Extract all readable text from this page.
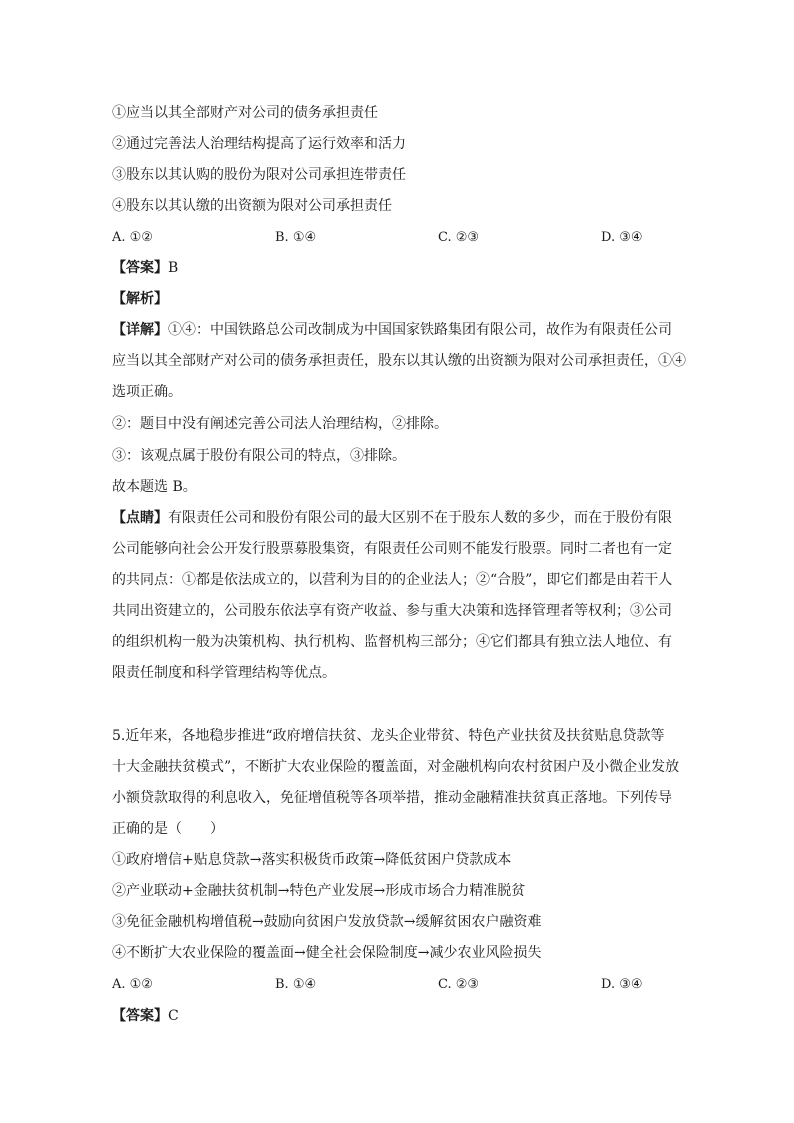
①应当以其全部财产对公司的债务承担责任
②通过完善法人治理结构提高了运行效率和活力
③股东以其认购的股份为限对公司承担连带责任
④股东以其认缴的出资额为限对公司承担责任
A. ①②	B. ①④	C. ②③	D. ③④
【答案】B
【解析】
【详解】①④：中国铁路总公司改制成为中国国家铁路集团有限公司，故作为有限责任公司
应当以其全部财产对公司的债务承担责任，股东以其认缴的出资额为限对公司承担责任，①④
选项正确。
②：题目中没有阐述完善公司法人治理结构，②排除。
③：该观点属于股份有限公司的特点，③排除。
故本题选 B。
【点睛】有限责任公司和股份有限公司的最大区别不在于股东人数的多少，而在于股份有限
公司能够向社会公开发行股票募股集资，有限责任公司则不能发行股票。同时二者也有一定
的共同点：①都是依法成立的，以营利为目的的企业法人；②“合股”，即它们都是由若干人
共同出资建立的，公司股东依法享有资产收益、参与重大决策和选择管理者等权利；③公司
的组织机构一般为决策机构、执行机构、监督机构三部分；④它们都具有独立法人地位、有
限责任制度和科学管理结构等优点。
5.近年来，各地稳步推进“政府增信扶贫、龙头企业带贫、特色产业扶贫及扶贫贴息贷款等
十大金融扶贫模式”，不断扩大农业保险的覆盖面，对金融机构向农村贫困户及小微企业发放
小额贷款取得的利息收入，免征增值税等各项举措，推动金融精准扶贫真正落地。下列传导
正确的是（　　）
①政府增信+贴息贷款→落实积极货币政策→降低贫困户贷款成本
②产业联动+金融扶贫机制→特色产业发展→形成市场合力精准脱贫
③免征金融机构增值税→鼓励向贫困户发放贷款→缓解贫困农户融资难
④不断扩大农业保险的覆盖面→健全社会保险制度→减少农业风险损失
A. ①②	B. ①④	C. ②③	D. ③④
【答案】C
